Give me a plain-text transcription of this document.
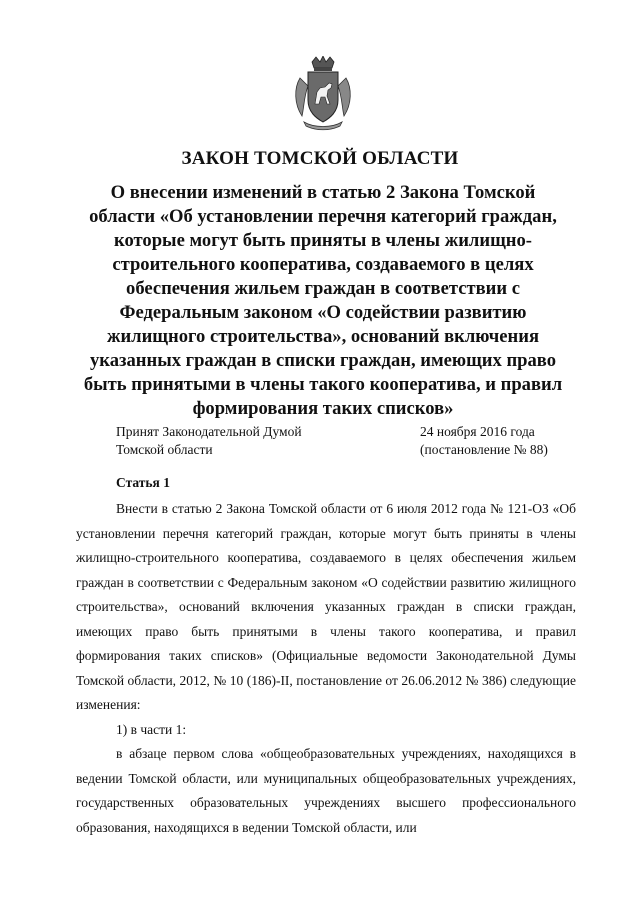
ЗАКОН ТОМСКОЙ ОБЛАСТИ
О внесении изменений в статью 2 Закона Томской области «Об установлении перечня категорий граждан, которые могут быть приняты в члены жилищно-строительного кооператива, создаваемого в целях обеспечения жильем граждан в соответствии с Федеральным законом «О содействии развитию жилищного строительства», оснований включения указанных граждан в списки граждан, имеющих право быть принятыми в члены такого кооператива, и правил формирования таких списков»
Принят Законодательной Думой
Томской области
24 ноября 2016 года
(постановление № 88)
Статья 1

Внести в статью 2 Закона Томской области от 6 июля 2012 года № 121-ОЗ «Об установлении перечня категорий граждан, которые могут быть приняты в члены жилищно-строительного кооператива, создаваемого в целях обеспечения жильем граждан в соответствии с Федеральным законом «О содействии развитию жилищного строительства», оснований включения указанных граждан в списки граждан, имеющих право быть принятыми в члены такого кооператива, и правил формирования таких списков» (Официальные ведомости Законодательной Думы Томской области, 2012, № 10 (186)-II, постановление от 26.06.2012 № 386) следующие изменения:

1) в части 1:

в абзаце первом слова «общеобразовательных учреждениях, находящихся в ведении Томской области, или муниципальных общеобразовательных учреждениях, государственных образовательных учреждениях высшего профессионального образования, находящихся в ведении Томской области, или
